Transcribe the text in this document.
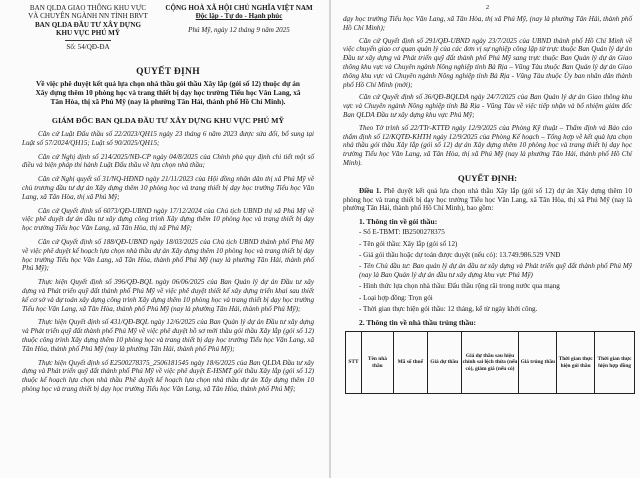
BAN QLDA GIAO THÔNG KHU VỰC
VÀ CHUYÊN NGÀNH NN TỈNH BRVT
BAN QLDA ĐẦU TƯ XÂY DỰNG
KHU VỰC PHÚ MỸ
Số: 54/QĐ-ĐA
CỘNG HOÀ XÃ HỘI CHỦ NGHĨA VIỆT NAM
Độc lập - Tự do - Hạnh phúc
Phú Mỹ, ngày 12 tháng 9 năm 2025
QUYẾT ĐỊNH
Về việc phê duyệt kết quả lựa chọn nhà thầu gói thầu Xây lắp (gói số 12) thuộc dự án Xây dựng thêm 10 phòng học và trang thiết bị dạy học trường Tiểu học Văn Lang, xã Tân Hòa, thị xã Phú Mỹ (nay là phường Tân Hải, thành phố Hồ Chí Minh).
GIÁM ĐỐC BAN QLDA ĐẦU TƯ XÂY DỰNG KHU VỰC PHÚ MỸ

Căn cứ Luật Đấu thầu số 22/2023/QH15 ngày 23 tháng 6 năm 2023 được sửa đổi, bổ sung tại Luật số 57/2024/QH15; Luật số 90/2025/QH15;

Căn cứ Nghị định số 214/2025/NĐ-CP ngày 04/8/2025 của Chính phủ quy định chi tiết một số điều và biện pháp thi hành Luật Đấu thầu về lựa chọn nhà thầu;

Căn cứ Nghị quyết số 31/NQ-HĐND ngày 21/11/2023 của Hội đồng nhân dân thị xã Phú Mỹ về chủ trương đầu tư dự án Xây dựng thêm 10 phòng học và trang thiết bị dạy học trường Tiểu học Văn Lang, xã Tân Hòa, thị xã Phú Mỹ;

Căn cứ Quyết định số 6073/QĐ-UBND ngày 17/12/2024 của Chủ tịch UBND thị xã Phú Mỹ về việc phê duyệt dự án đầu tư xây dựng công trình Xây dựng thêm 10 phòng học và trang thiết bị dạy học trường Tiểu học Văn Lang, xã Tân Hòa, thị xã Phú Mỹ;

Căn cứ Quyết định số 188/QĐ-UBND ngày 18/03/2025 của Chủ tịch UBND thành phố Phú Mỹ về việc phê duyệt kế hoạch lựa chọn nhà thầu dự án Xây dựng thêm 10 phòng học và trang thiết bị dạy học trường Tiểu học Văn Lang, xã Tân Hòa, thành phố Phú Mỹ (nay là phường Tân Hải, thành phố Phú Mỹ);

Thực hiện Quyết định số 396/QĐ-BQL ngày 06/06/2025 của Ban Quản lý dự án Đầu tư xây dựng và Phát triển quỹ đất thành phố Phú Mỹ về việc phê duyệt thiết kế xây dựng triển khai sau thiết kế cơ sở và dự toán xây dựng công trình Xây dựng thêm 10 phòng học và trang thiết bị dạy học trường Tiểu học Văn Lang, xã Tân Hòa, thành phố Phú Mỹ (nay là phường Tân Hải, thành phố Phú Mỹ);

Thực hiện Quyết định số 431/QĐ-BQL ngày 12/6/2025 của Ban Quản lý dự án Đầu tư xây dựng và Phát triển quỹ đất thành phố Phú Mỹ về việc phê duyệt hồ sơ mời thầu gói thầu Xây lắp (gói số 12) thuộc công trình Xây dựng thêm 10 phòng học và trang thiết bị dạy học trường Tiểu học Văn Lang, xã Tân Hòa, thành phố Phú Mỹ (nay là phường Tân Hải, thành phố Phú Mỹ);

Thực hiện Quyết định số E2500278375_2506181545 ngày 18/6/2025 của Ban QLDA Đầu tư xây dựng và Phát triển quỹ đất thành phố Phú Mỹ về việc phê duyệt E-HSMT gói thầu Xây lắp (gói số 12) thuộc kế hoạch lựa chọn nhà thầu Phê duyệt kế hoạch lựa chọn nhà thầu dự án Xây dựng thêm 10 phòng học và trang thiết bị dạy học trường Tiểu học Văn Lang, xã Tân Hòa, thành phố Phú Mỹ;

2

dạy học trường Tiểu học Văn Lang, xã Tân Hòa, thị xã Phú Mỹ, (nay là phường Tân Hải, thành phố Hồ Chí Minh);

Căn cứ Quyết định số 291/QĐ-UBND ngày 23/7/2025 của UBND thành phố Hồ Chí Minh về việc chuyển giao cơ quan quản lý của các đơn vị sự nghiệp công lập từ trực thuộc Ban Quản lý dự án Đầu tư xây dựng và Phát triển quỹ đất thành phố Phú Mỹ sang trực thuộc Ban Quản lý dự án Giao thông khu vực và Chuyên ngành Nông nghiệp tỉnh Bà Rịa – Vũng Tàu thuộc Ban Quản lý dự án Giao thông khu vực và Chuyên ngành Nông nghiệp tỉnh Bà Rịa - Vũng Tàu thuộc Ủy ban nhân dân thành phố Hồ Chí Minh (mới);

Căn cứ Quyết định số 36/QĐ-BQLDA ngày 24/7/2025 của Ban Quản lý dự án Giao thông khu vực và Chuyên ngành Nông nghiệp tỉnh Bà Rịa - Vũng Tàu về việc tiếp nhận và bổ nhiệm giám đốc Ban QLDA Đầu tư xây dựng khu vực Phú Mỹ;

Theo Tờ trình số 22/TTr-KTTĐ ngày 12/9/2025 của Phòng Kỹ thuật – Thẩm định và Báo cáo thẩm định số 12/KQTĐ-KHTH ngày 12/9/2025 của Phòng Kế hoạch – Tổng hợp về kết quả lựa chọn nhà thầu gói thầu Xây lắp (gói số 12) dự án Xây dựng thêm 10 phòng học và trang thiết bị dạy học trường Tiểu học Văn Lang, xã Tân Hòa, thị xã Phú Mỹ (nay là phường Tân Hải, thành phố Hồ Chí Minh).

QUYẾT ĐỊNH:

Điều 1. Phê duyệt kết quả lựa chọn nhà thầu Xây lắp (gói số 12) dự án Xây dựng thêm 10 phòng học và trang thiết bị dạy học trường Tiểu học Văn Lang, xã Tân Hòa, thị xã Phú Mỹ (nay là phường Tân Hải, thành phố Hồ Chí Minh), bao gồm:

1. Thông tin về gói thầu:
- Số E-TBMT: IB2500278375
- Tên gói thầu: Xây lắp (gói số 12)
- Giá gói thầu hoặc dự toán được duyệt (nếu có): 13.749.986.529 VNĐ
- Tên Chủ đầu tư: Ban quản lý dự án đầu tư xây dựng và Phát triển quỹ đất thành phố Phú Mỹ (nay là Ban Quản lý dự án đầu tư xây dựng khu vực Phú Mỹ)
- Hình thức lựa chọn nhà thầu: Đấu thầu rộng rãi trong nước qua mạng
- Loại hợp đồng: Trọn gói
- Thời gian thực hiện gói thầu: 12 tháng, kể từ ngày khởi công.
2. Thông tin về nhà thầu trúng thầu:
STT	Tên nhà thầu	Mã số thuế	Giá dự thầu	Giá dự thầu sau hiệu chỉnh sai lệch thừa (nếu có), giảm giá (nếu có)	Giá trúng thầu	Thời gian thực hiện gói thầu	Thời gian thực hiện hợp đồng
